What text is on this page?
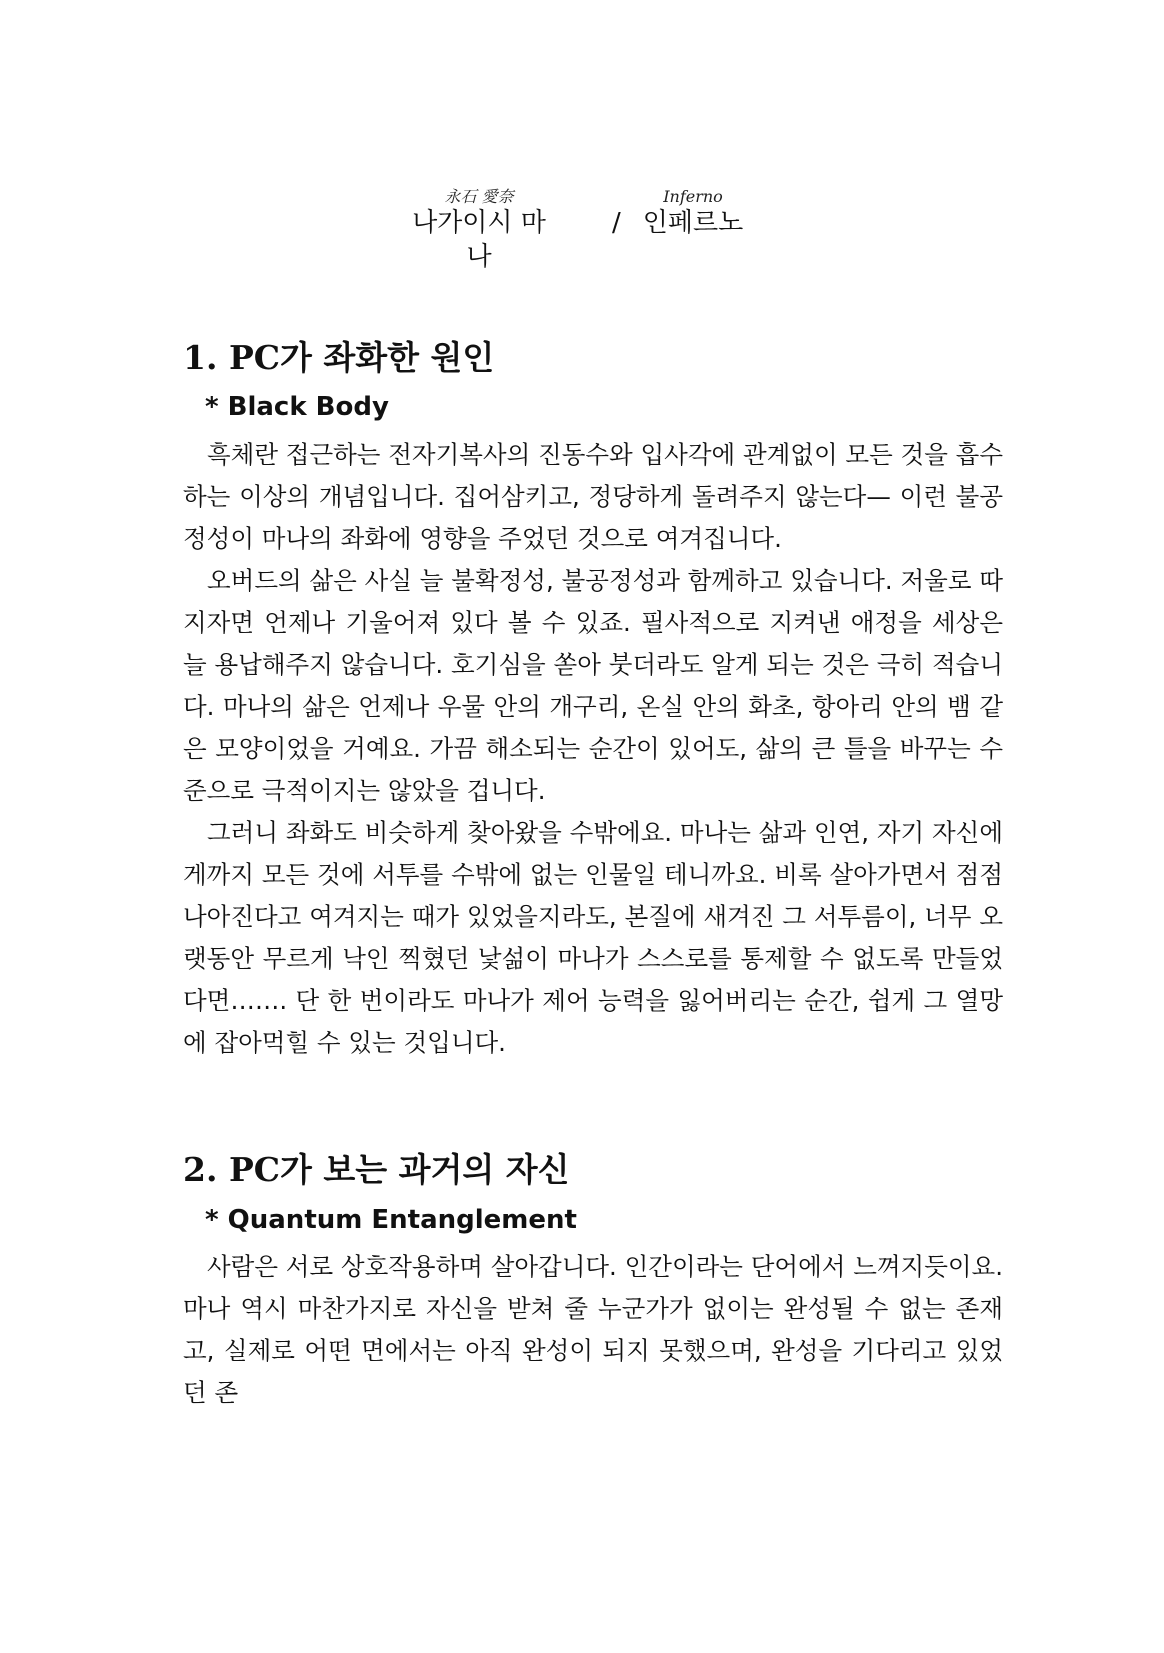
永石 愛奈
나가이시 마나
/
Inferno
인페르노
1. PC가 좌화한 원인
* Black Body

흑체란 접근하는 전자기복사의 진동수와 입사각에 관계없이 모든 것을 흡수하는 이상의 개념입니다. 집어삼키고, 정당하게 돌려주지 않는다— 이런 불공정성이 마나의 좌화에 영향을 주었던 것으로 여겨집니다.

오버드의 삶은 사실 늘 불확정성, 불공정성과 함께하고 있습니다. 저울로 따지자면 언제나 기울어져 있다 볼 수 있죠. 필사적으로 지켜낸 애정을 세상은 늘 용납해주지 않습니다. 호기심을 쏟아 붓더라도 알게 되는 것은 극히 적습니다. 마나의 삶은 언제나 우물 안의 개구리, 온실 안의 화초, 항아리 안의 뱀 같은 모양이었을 거예요. 가끔 해소되는 순간이 있어도, 삶의 큰 틀을 바꾸는 수준으로 극적이지는 않았을 겁니다.

그러니 좌화도 비슷하게 찾아왔을 수밖에요. 마나는 삶과 인연, 자기 자신에게까지 모든 것에 서투를 수밖에 없는 인물일 테니까요. 비록 살아가면서 점점 나아진다고 여겨지는 때가 있었을지라도, 본질에 새겨진 그 서투름이, 너무 오랫동안 무르게 낙인 찍혔던 낯섦이 마나가 스스로를 통제할 수 없도록 만들었다면……. 단 한 번이라도 마나가 제어 능력을 잃어버리는 순간, 쉽게 그 열망에 잡아먹힐 수 있는 것입니다.

2. PC가 보는 과거의 자신
* Quantum Entanglement

사람은 서로 상호작용하며 살아갑니다. 인간이라는 단어에서 느껴지듯이요. 마나 역시 마찬가지로 자신을 받쳐 줄 누군가가 없이는 완성될 수 없는 존재고, 실제로 어떤 면에서는 아직 완성이 되지 못했으며, 완성을 기다리고 있었던 존
